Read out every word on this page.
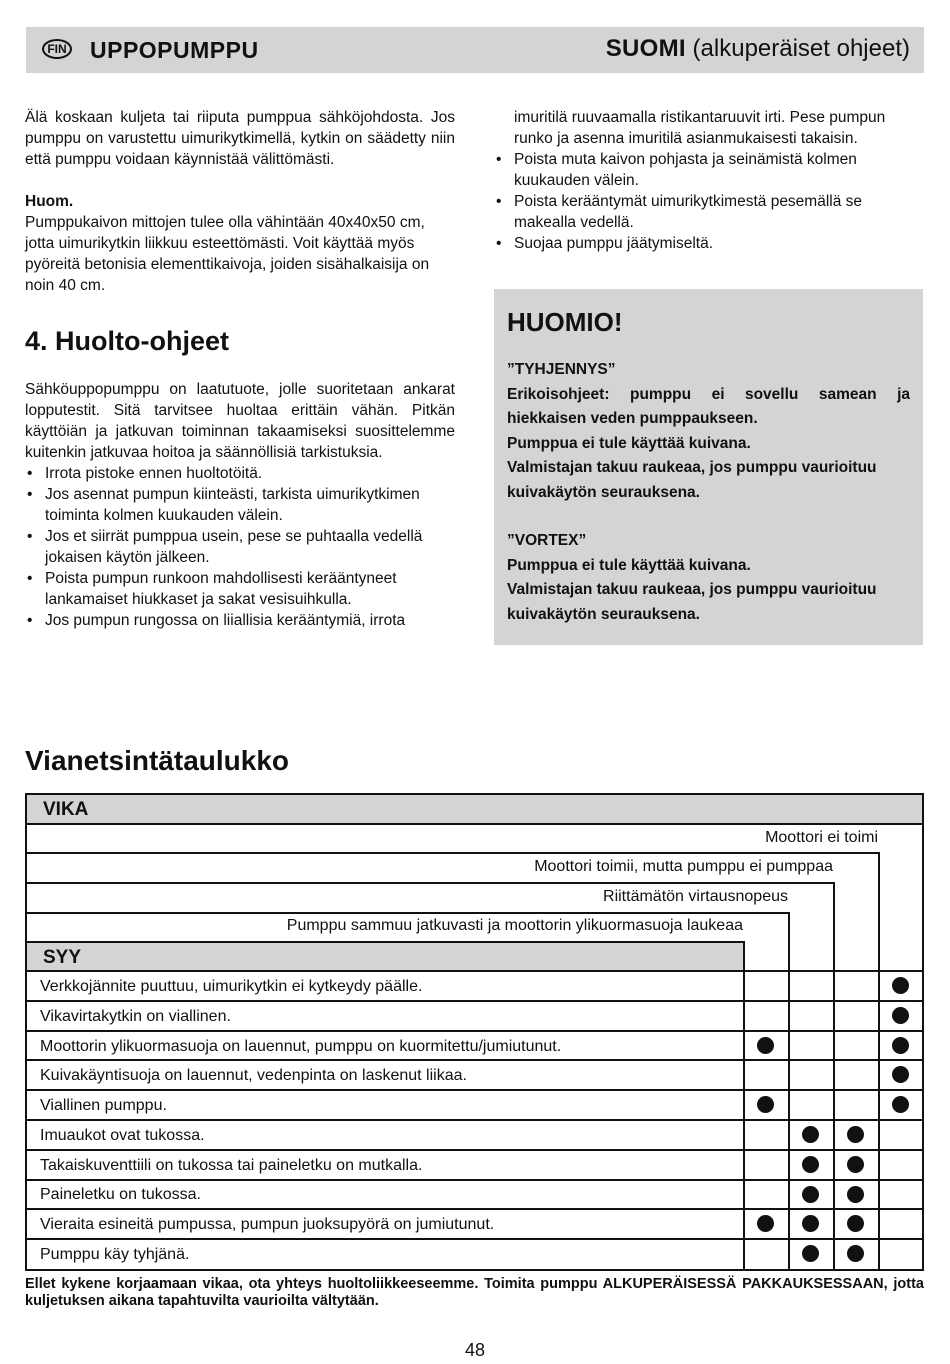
FIN UPPOPUMPPU	SUOMI (alkuperäiset ohjeet)

Älä koskaan kuljeta tai riiputa pumppua sähköjohdosta. Jos pumppu on varustettu uimurikytkimellä, kytkin on säädetty niin että pumppu voidaan käynnistää välittömästi.

Huom.

Pumppukaivon mittojen tulee olla vähintään 40x40x50 cm, jotta uimurikytkin liikkuu esteettömästi. Voit käyttää myös pyöreitä betonisia elementtikaivoja, joiden sisähalkaisija on noin 40 cm.

4. Huolto-ohjeet

Sähköuppopumppu on laatutuote, jolle suoritetaan ankarat lopputestit. Sitä tarvitsee huoltaa erittäin vähän. Pitkän käyttöiän ja jatkuvan toiminnan takaamiseksi suosittelemme kuitenkin jatkuvaa hoitoa ja säännöllisiä tarkistuksia.

• Irrota pistoke ennen huoltotöitä.
• Jos asennat pumpun kiinteästi, tarkista uimurikytkimen toiminta kolmen kuukauden välein.
• Jos et siirrät pumppua usein, pese se puhtaalla vedellä jokaisen käytön jälkeen.
• Poista pumpun runkoon mahdollisesti kerääntyneet lankamaiset hiukkaset ja sakat vesisuihkulla.
• Jos pumpun rungossa on liiallisia kerääntymiä, irrota

imuritilä ruuvaamalla ristikantaruuvit irti. Pese pumpun runko ja asenna imuritilä asianmukaisesti takaisin.

• Poista muta kaivon pohjasta ja seinämistä kolmen kuukauden välein.
• Poista kerääntymät uimurikytkimestä pesemällä se makealla vedellä.
• Suojaa pumppu jäätymiseltä.
HUOMIO!

”TYHJENNYS”

Erikoisohjeet: pumppu ei sovellu samean ja hiekkaisen veden pumppaukseen.

Pumppua ei tule käyttää kuivana.

Valmistajan takuu raukeaa, jos pumppu vaurioituu kuivakäytön seurauksena.

”VORTEX”

Pumppua ei tule käyttää kuivana.

Valmistajan takuu raukeaa, jos pumppu vaurioituu kuivakäytön seurauksena.

Vianetsintätaulukko
VIKA
SYY
Moottori ei toimi
Moottori toimii, mutta pumppu ei pumppaa
Riittämätön virtausnopeus
Pumppu sammuu jatkuvasti ja moottorin ylikuormasuoja laukeaa
Verkkojännite puuttuu, uimurikytkin ei kytkeydy päälle.
Vikavirtakytkin on viallinen.
Moottorin ylikuormasuoja on lauennut, pumppu on kuormitettu/jumiutunut.
Kuivakäyntisuoja on lauennut, vedenpinta on laskenut liikaa.
Viallinen pumppu.
Imuaukot ovat tukossa.
Takaiskuventtiili on tukossa tai paineletku on mutkalla.
Paineletku on tukossa.
Vieraita esineitä pumpussa, pumpun juoksupyörä on jumiutunut.
Pumppu käy tyhjänä.
Ellet kykene korjaamaan vikaa, ota yhteys huoltoliikkeeseemme. Toimita pumppu ALKUPERÄISESSÄ PAKKAUKSESSAAN, jotta kuljetuksen aikana tapahtuvilta vaurioilta vältytään.
48
